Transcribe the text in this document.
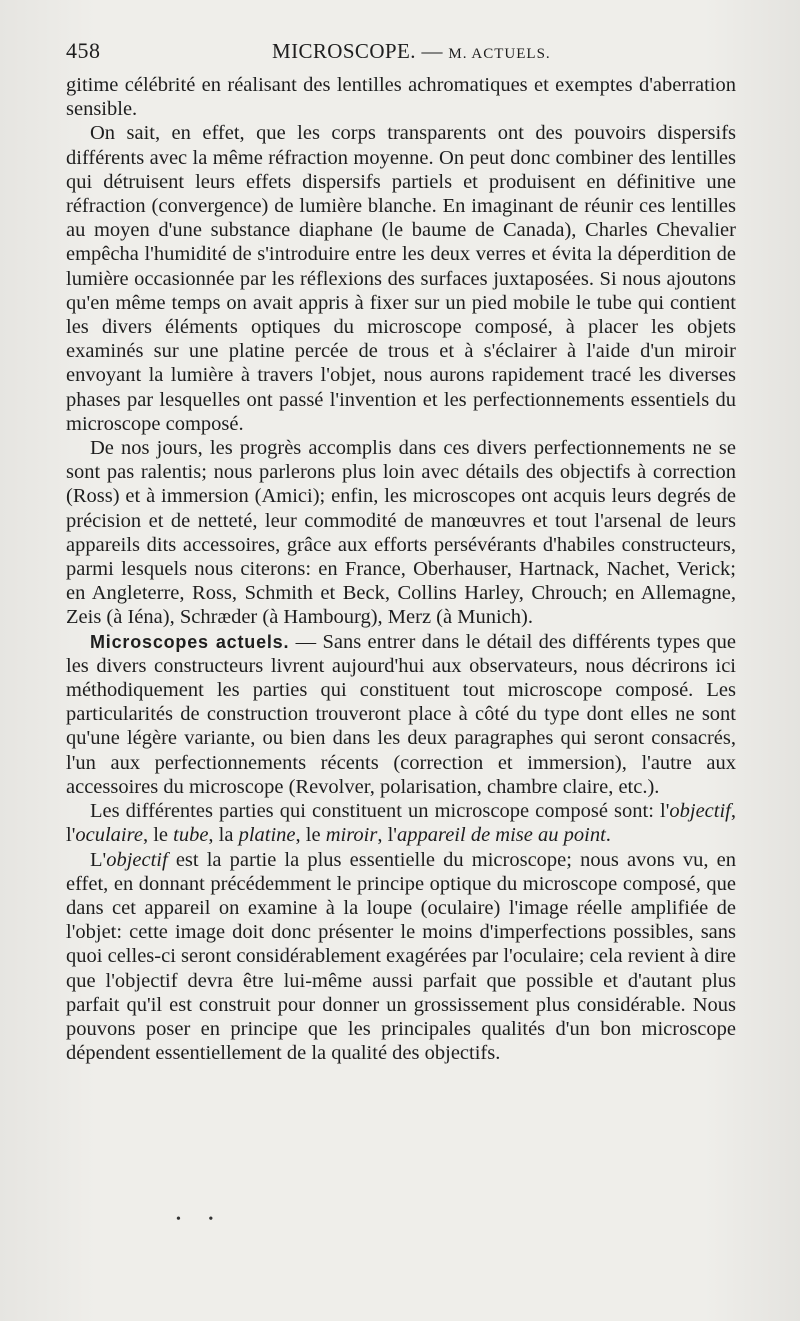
458	MICROSCOPE. — M. ACTUELS.

gitime célébrité en réalisant des lentilles achromatiques et exemptes d'aberration sensible.

On sait, en effet, que les corps transparents ont des pouvoirs dispersifs différents avec la même réfraction moyenne. On peut donc combiner des lentilles qui détruisent leurs effets dispersifs partiels et produisent en définitive une réfraction (convergence) de lumière blanche. En imaginant de réunir ces lentilles au moyen d'une substance diaphane (le baume de Canada), Charles Chevalier empêcha l'humidité de s'introduire entre les deux verres et évita la déperdition de lumière occasionnée par les réflexions des surfaces juxtaposées. Si nous ajoutons qu'en même temps on avait appris à fixer sur un pied mobile le tube qui contient les divers éléments optiques du microscope composé, à placer les objets examinés sur une platine percée de trous et à s'éclairer à l'aide d'un miroir envoyant la lumière à travers l'objet, nous aurons rapidement tracé les diverses phases par lesquelles ont passé l'invention et les perfectionnements essentiels du microscope composé.

De nos jours, les progrès accomplis dans ces divers perfectionnements ne se sont pas ralentis; nous parlerons plus loin avec détails des objectifs à correction (Ross) et à immersion (Amici); enfin, les microscopes ont acquis leurs degrés de précision et de netteté, leur commodité de manœuvres et tout l'arsenal de leurs appareils dits accessoires, grâce aux efforts persévérants d'habiles constructeurs, parmi lesquels nous citerons: en France, Oberhauser, Hartnack, Nachet, Verick; en Angleterre, Ross, Schmith et Beck, Collins Harley, Chrouch; en Allemagne, Zeis (à Iéna), Schræder (à Hambourg), Merz (à Munich).

Microscopes actuels. — Sans entrer dans le détail des différents types que les divers constructeurs livrent aujourd'hui aux observateurs, nous décrirons ici méthodiquement les parties qui constituent tout microscope composé. Les particularités de construction trouveront place à côté du type dont elles ne sont qu'une légère variante, ou bien dans les deux paragraphes qui seront consacrés, l'un aux perfectionnements récents (correction et immersion), l'autre aux accessoires du microscope (Revolver, polarisation, chambre claire, etc.).

Les différentes parties qui constituent un microscope composé sont: l'objectif, l'oculaire, le tube, la platine, le miroir, l'appareil de mise au point.

L'objectif est la partie la plus essentielle du microscope; nous avons vu, en effet, en donnant précédemment le principe optique du microscope composé, que dans cet appareil on examine à la loupe (oculaire) l'image réelle amplifiée de l'objet: cette image doit donc présenter le moins d'imperfections possibles, sans quoi celles-ci seront considérablement exagérées par l'oculaire; cela revient à dire que l'objectif devra être lui-même aussi parfait que possible et d'autant plus parfait qu'il est construit pour donner un grossissement plus considérable. Nous pouvons poser en principe que les principales qualités d'un bon microscope dépendent essentiellement de la qualité des objectifs.

• •
